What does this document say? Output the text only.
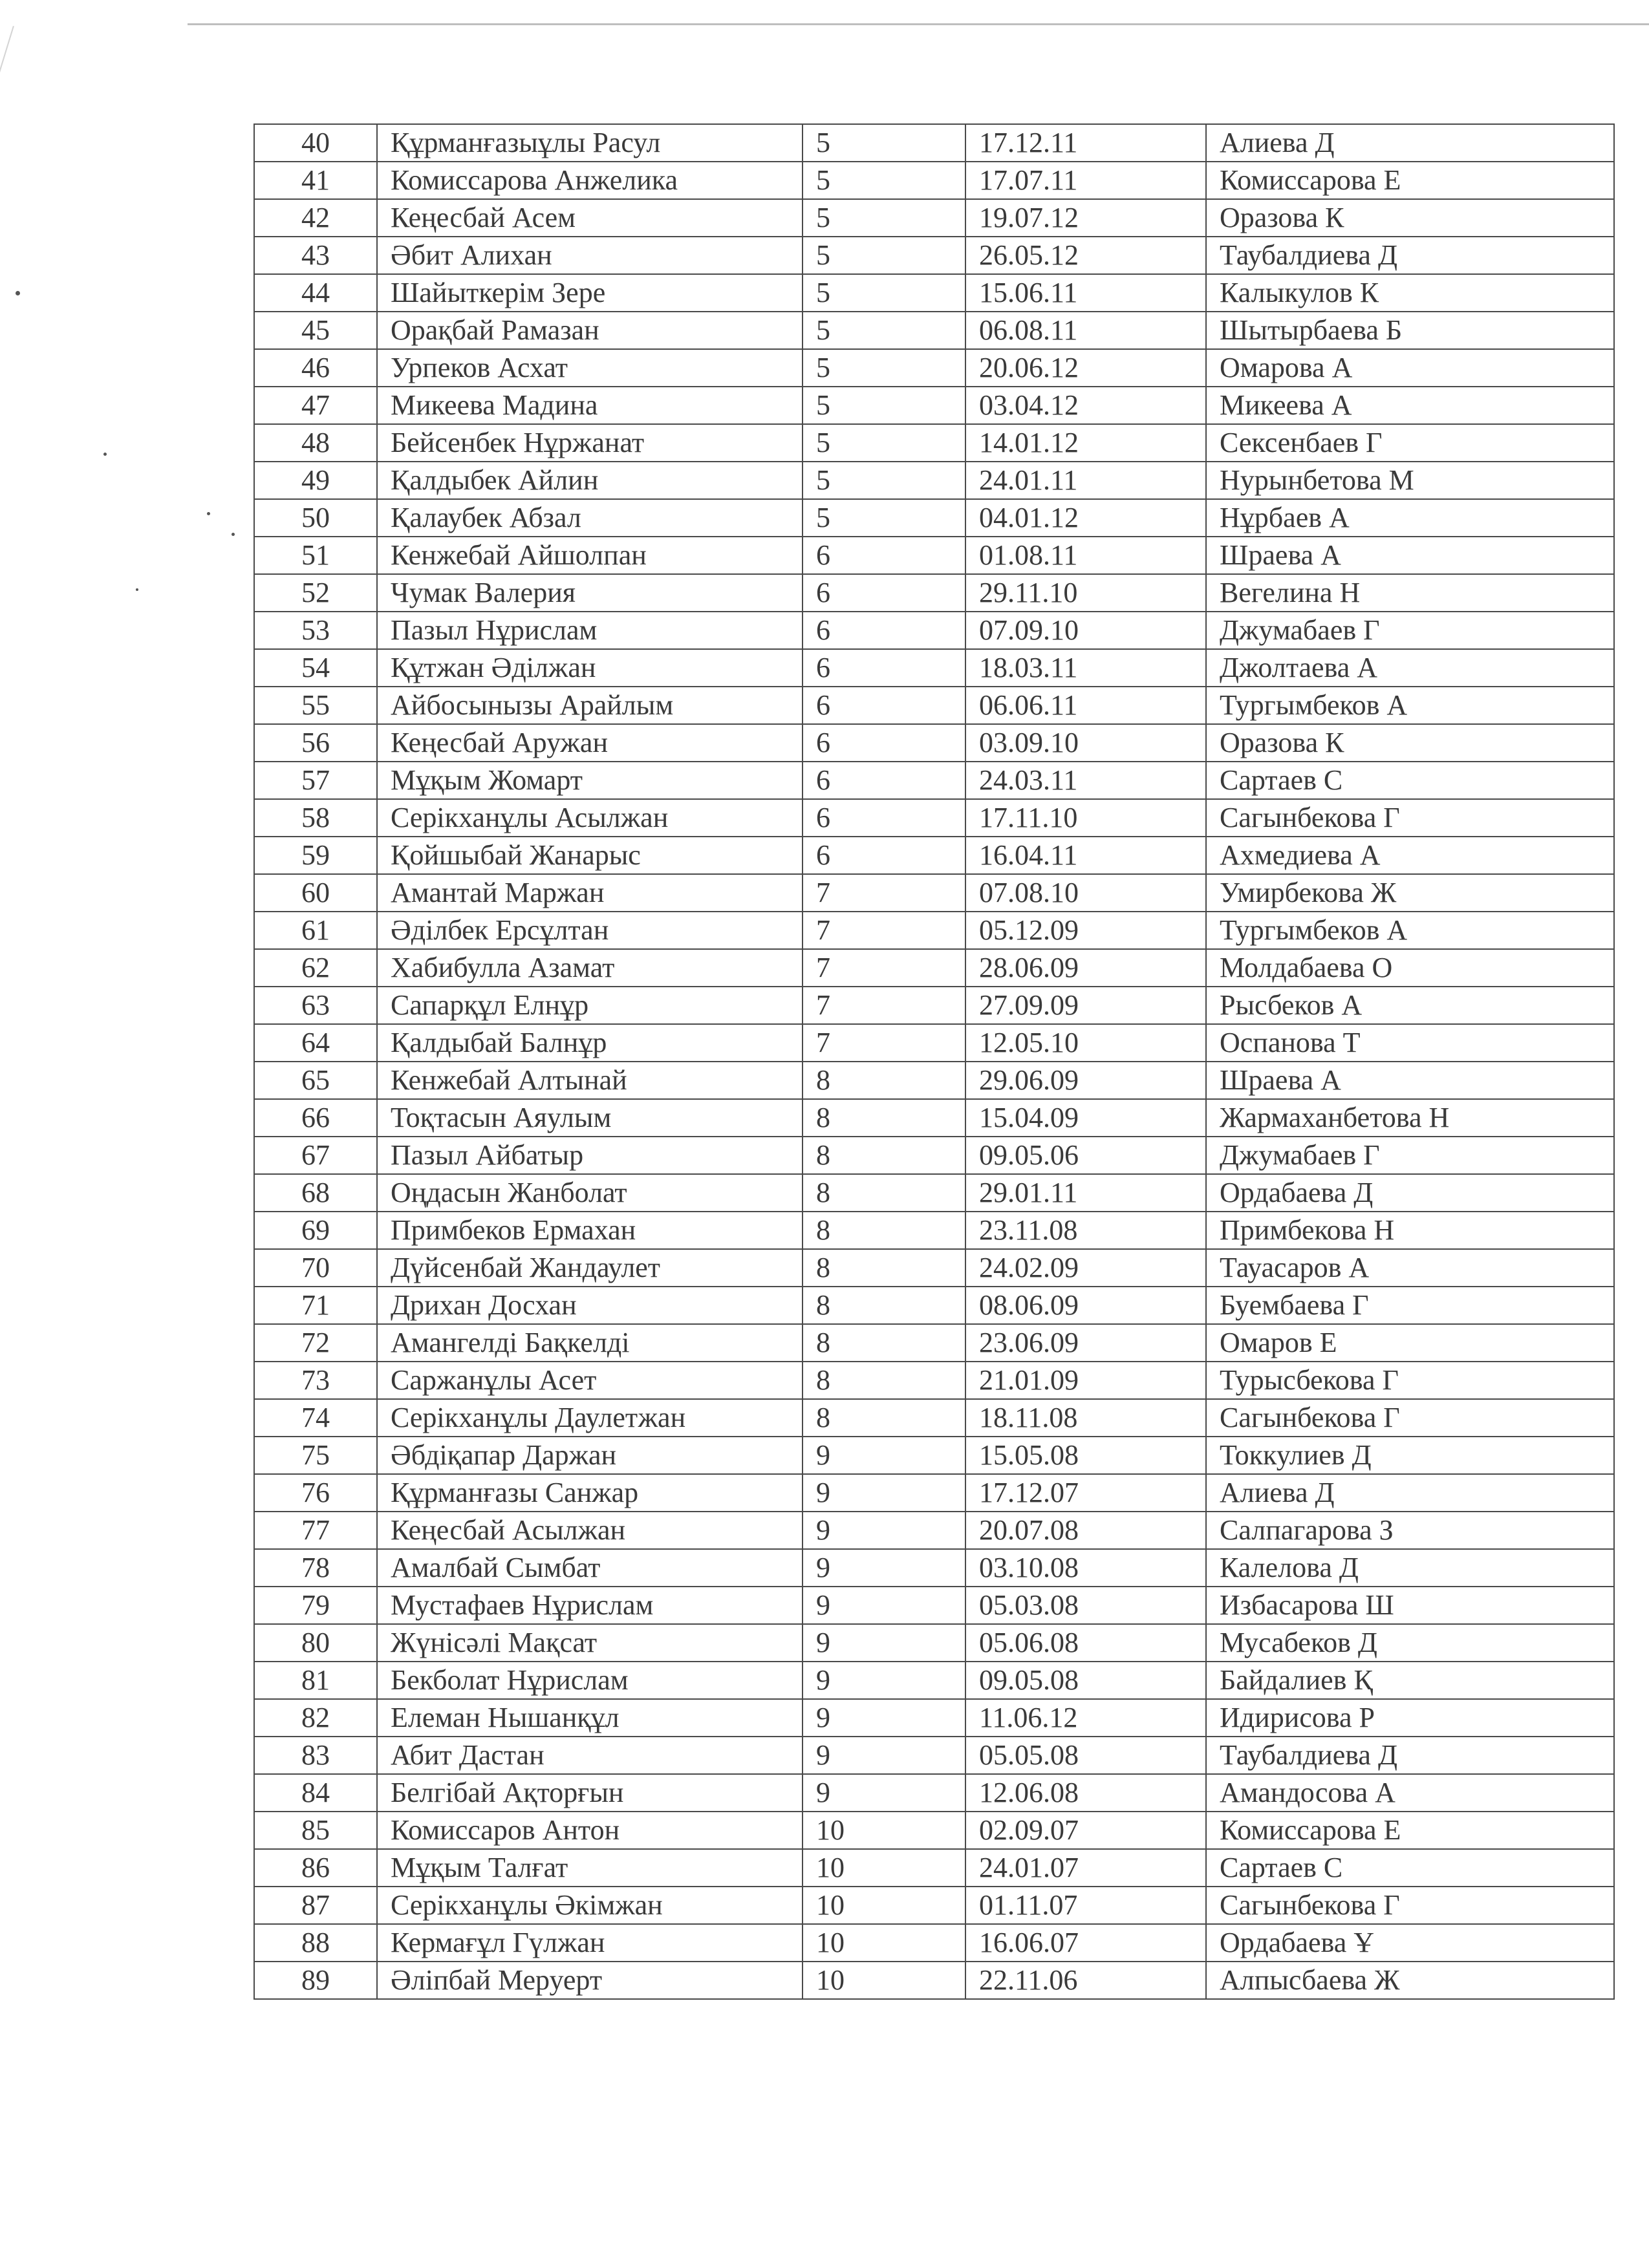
40	Құрманғазыұлы Расул	5	17.12.11	Алиева Д
41	Комиссарова Анжелика	5	17.07.11	Комиссарова Е
42	Кеңесбай Асем	5	19.07.12	Оразова К
43	Әбит Алихан	5	26.05.12	Таубалдиева Д
44	Шайыткерім Зере	5	15.06.11	Калыкулов К
45	Орақбай Рамазан	5	06.08.11	Шытырбаева Б
46	Урпеков Асхат	5	20.06.12	Омарова А
47	Микеева Мадина	5	03.04.12	Микеева А
48	Бейсенбек Нұржанат	5	14.01.12	Сексенбаев Г
49	Қалдыбек Айлин	5	24.01.11	Нурынбетова М
50	Қалаубек Абзал	5	04.01.12	Нұрбаев А
51	Кенжебай Айшолпан	6	01.08.11	Шраева А
52	Чумак Валерия	6	29.11.10	Вегелина Н
53	Пазыл Нұрислам	6	07.09.10	Джумабаев Г
54	Құтжан Әділжан	6	18.03.11	Джолтаева А
55	Айбосынызы Арайлым	6	06.06.11	Тургымбеков А
56	Кеңесбай Аружан	6	03.09.10	Оразова К
57	Мұқым Жомарт	6	24.03.11	Сартаев С
58	Серікханұлы Асылжан	6	17.11.10	Сагынбекова Г
59	Қойшыбай Жанарыс	6	16.04.11	Ахмедиева А
60	Амантай Маржан	7	07.08.10	Умирбекова Ж
61	Әділбек Ерсұлтан	7	05.12.09	Тургымбеков А
62	Хабибулла Азамат	7	28.06.09	Молдабаева О
63	Сапарқұл Елнұр	7	27.09.09	Рысбеков А
64	Қалдыбай Балнұр	7	12.05.10	Оспанова Т
65	Кенжебай Алтынай	8	29.06.09	Шраева А
66	Тоқтасын Аяулым	8	15.04.09	Жармаханбетова Н
67	Пазыл Айбатыр	8	09.05.06	Джумабаев Г
68	Оңдасын Жанболат	8	29.01.11	Ордабаева Д
69	Примбеков Ермахан	8	23.11.08	Примбекова Н
70	Дүйсенбай Жандаулет	8	24.02.09	Тауасаров А
71	Дрихан Досхан	8	08.06.09	Буембаева Г
72	Амангелді Бақкелді	8	23.06.09	Омаров Е
73	Саржанұлы Асет	8	21.01.09	Турысбекова Г
74	Серікханұлы Даулетжан	8	18.11.08	Сагынбекова Г
75	Әбдіқапар Даржан	9	15.05.08	Токкулиев Д
76	Құрманғазы Санжар	9	17.12.07	Алиева Д
77	Кеңесбай Асылжан	9	20.07.08	Салпагарова З
78	Амалбай Сымбат	9	03.10.08	Калелова Д
79	Мустафаев Нұрислам	9	05.03.08	Избасарова Ш
80	Жүнісәлі Мақсат	9	05.06.08	Мусабеков Д
81	Бекболат Нұрислам	9	09.05.08	Байдалиев Қ
82	Елеман Нышанқұл	9	11.06.12	Идирисова Р
83	Абит Дастан	9	05.05.08	Таубалдиева Д
84	Белгібай Ақторғын	9	12.06.08	Амандосова А
85	Комиссаров Антон	10	02.09.07	Комиссарова Е
86	Мұқым Талғат	10	24.01.07	Сартаев С
87	Серікханұлы Әкімжан	10	01.11.07	Сагынбекова Г
88	Кермағұл Гүлжан	10	16.06.07	Ордабаева Ұ
89	Әліпбай Меруерт	10	22.11.06	Алпысбаева Ж
